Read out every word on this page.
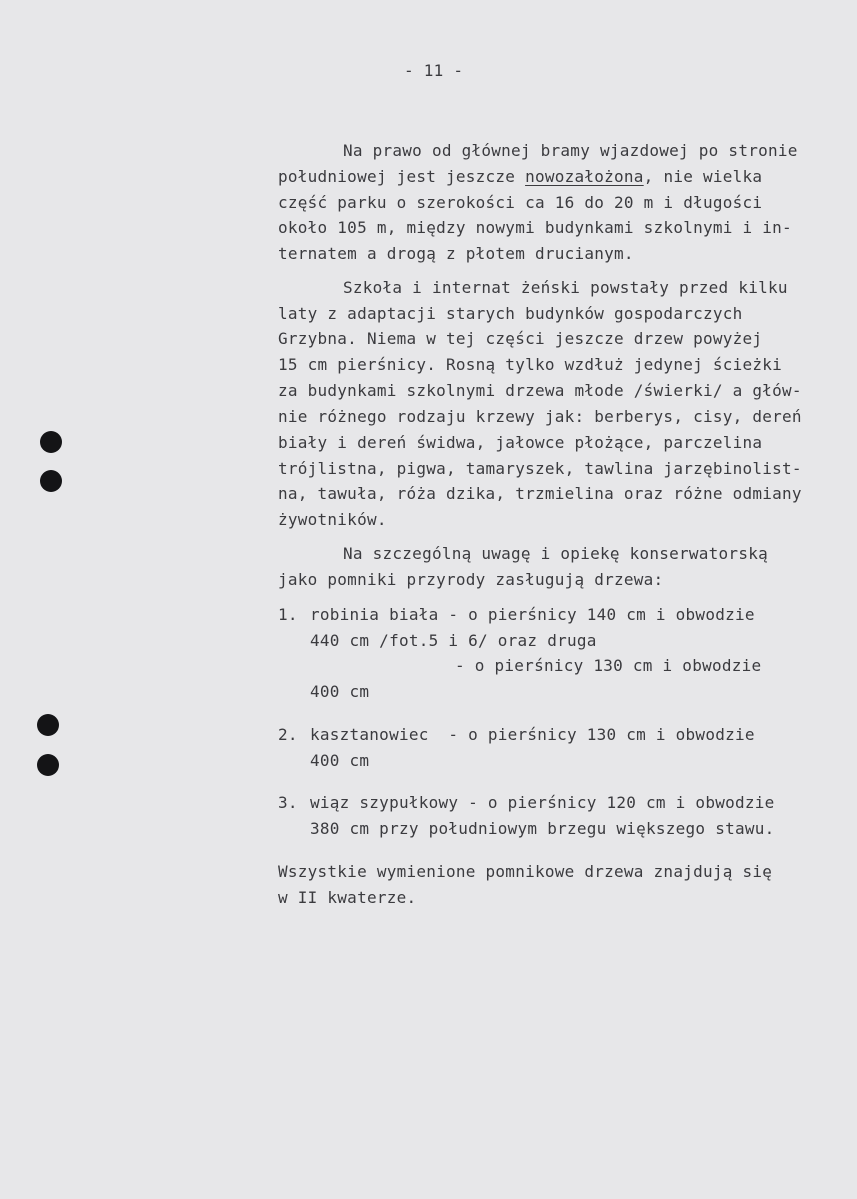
- 11 -

Na prawo od głównej bramy wjazdowej po stronie

południowej jest jeszcze nowozałożona, nie wielka

część parku o szerokości ca 16 do 20 m i długości

około 105 m, między nowymi budynkami szkolnymi i in-

ternatem a drogą z płotem drucianym.

Szkoła i internat żeński powstały przed kilku

laty z adaptacji starych budynków gospodarczych

Grzybna. Niema w tej części jeszcze drzew powyżej

15 cm pierśnicy. Rosną tylko wzdłuż jedynej ścieżki

za budynkami szkolnymi drzewa młode /świerki/ a głów-

nie różnego rodzaju krzewy jak: berberys, cisy, dereń

biały i dereń świdwa, jałowce płożące, parczelina

trójlistna, pigwa, tamaryszek, tawlina jarzębinolist-

na, tawuła, róża dzika, trzmielina oraz różne odmiany

żywotników.

Na szczególną uwagę i opiekę konserwatorską

jako pomniki przyrody zasługują drzewa:

1. robinia biała - o pierśnicy 140 cm i obwodzie

440 cm /fot.5 i 6/ oraz druga

- o pierśnicy 130 cm i obwodzie

400 cm

2. kasztanowiec  - o pierśnicy 130 cm i obwodzie

400 cm

3. wiąz szypułkowy - o pierśnicy 120 cm i obwodzie

380 cm przy południowym brzegu większego stawu.

Wszystkie wymienione pomnikowe drzewa znajdują się

w II kwaterze.
